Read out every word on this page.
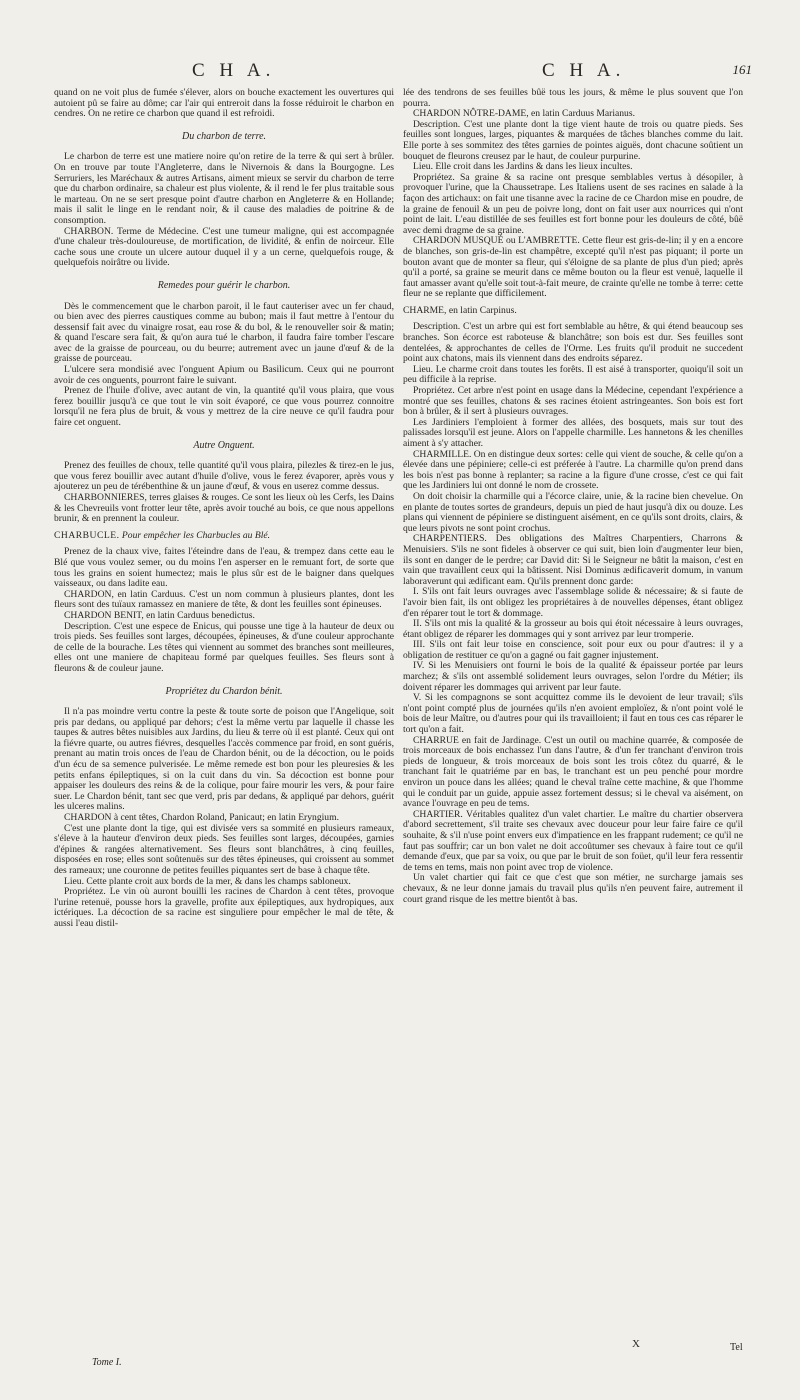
C H A.	C H A.	161

quand on ne voit plus de fumée s'élever, alors on bouche exactement les ouvertures qui autoient pû se faire au dôme; car l'air qui entreroit dans la fosse réduiroit le charbon en cendres. On ne retire ce charbon que quand il est refroidi.

Du charbon de terre.

Le charbon de terre est une matiere noire qu'on retire de la terre & qui sert à brûler. On en trouve par toute l'Angleterre, dans le Nivernois & dans la Bourgogne. Les Serruriers, les Maréchaux & autres Artisans, aiment mieux se servir du charbon de terre que du charbon ordinaire, sa chaleur est plus violente, & il rend le fer plus traitable sous le marteau. On ne se sert presque point d'autre charbon en Angleterre & en Hollande; mais il salit le linge en le rendant noir, & il cause des maladies de poitrine & de consomption.

CHARBON. Terme de Médecine. C'est une tumeur maligne, qui est accompagnée d'une chaleur très-douloureuse, de mortification, de lividité, & enfin de noirceur. Elle cache sous une croute un ulcere autour duquel il y a un cerne, quelquefois rouge, & quelquefois noirâtre ou livide.

Remedes pour guérir le charbon.

Dès le commencement que le charbon paroit, il le faut cauteriser avec un fer chaud, ou bien avec des pierres caustiques comme au bubon; mais il faut mettre à l'entour du dessensif fait avec du vinaigre rosat, eau rose & du bol, & le renouveller soir & matin; & quand l'escare sera fait, & qu'on aura tué le charbon, il faudra faire tomber l'escare avec de la graisse de pourceau, ou du beurre; autrement avec un jaune d'œuf & de la graisse de pourceau.

L'ulcere sera mondisié avec l'onguent Apium ou Basilicum. Ceux qui ne pourront avoir de ces onguents, pourront faire le suivant.

Prenez de l'huile d'olive, avec autant de vin, la quantité qu'il vous plaira, que vous ferez bouillir jusqu'à ce que tout le vin soit évaporé, ce que vous pourrez connoitre lorsqu'il ne fera plus de bruit, & vous y mettrez de la cire neuve ce qu'il faudra pour faire cet onguent.

Autre Onguent.

Prenez des feuilles de choux, telle quantité qu'il vous plaira, pilezles & tirez-en le jus, que vous ferez bouillir avec autant d'huile d'olive, vous le ferez évaporer, après vous y ajouterez un peu de térébenthine & un jaune d'œuf, & vous en userez comme dessus.

CHARBONNIERES, terres glaises & rouges. Ce sont les lieux où les Cerfs, les Dains & les Chevreuils vont frotter leur tête, après avoir touché au bois, ce que nous appellons brunir, & en prennent la couleur.

CHARBUCLE. Pour empêcher les Charbucles au Blé.

Prenez de la chaux vive, faites l'éteindre dans de l'eau, & trempez dans cette eau le Blé que vous voulez semer, ou du moins l'en asperser en le remuant fort, de sorte que tous les grains en soient humectez; mais le plus sûr est de le baigner dans quelques vaisseaux, ou dans ladite eau.

CHARDON, en latin Carduus. C'est un nom commun à plusieurs plantes, dont les fleurs sont des tuïaux ramassez en maniere de tête, & dont les feuilles sont épineuses.

CHARDON BENIT, en latin Carduus benedictus.

Description. C'est une espece de Enicus, qui pousse une tige à la hauteur de deux ou trois pieds. Ses feuilles sont larges, découpées, épineuses, & d'une couleur approchante de celle de la bourache. Les têtes qui viennent au sommet des branches sont meilleures, elles ont une maniere de chapiteau formé par quelques feuilles. Ses fleurs sont à fleurons & de couleur jaune.

Propriétez du Chardon bénit.

Il n'a pas moindre vertu contre la peste & toute sorte de poison que l'Angelique, soit pris par dedans, ou appliqué par dehors; c'est la même vertu par laquelle il chasse les taupes & autres bêtes nuisibles aux Jardins, du lieu & terre où il est planté. Ceux qui ont la fiévre quarte, ou autres fiévres, desquelles l'accès commence par froid, en sont guéris, prenant au matin trois onces de l'eau de Chardon bénit, ou de la décoction, ou le poids d'un écu de sa semence pulverisée. Le même remede est bon pour les pleuresies & les petits enfans épileptiques, si on la cuit dans du vin. Sa décoction est bonne pour appaiser les douleurs des reins & de la colique, pour faire mourir les vers, & pour faire suer. Le Chardon bénit, tant sec que verd, pris par dedans, & appliqué par dehors, guérit les ulceres malins.

CHARDON à cent têtes, Chardon Roland, Panicaut; en latin Eryngium.

C'est une plante dont la tige, qui est divisée vers sa sommité en plusieurs rameaux, s'éleve à la hauteur d'environ deux pieds. Ses feuilles sont larges, découpées, garnies d'épines & rangées alternativement. Ses fleurs sont blanchâtres, à cinq feuilles, disposées en rose; elles sont soûtenuës sur des têtes épineuses, qui croissent au sommet des rameaux; une couronne de petites feuilles piquantes sert de base à chaque tête.

Lieu. Cette plante croit aux bords de la mer, & dans les champs sabloneux.

Propriétez. Le vin où auront bouilli les racines de Chardon à cent têtes, provoque l'urine retenuë, pousse hors la gravelle, profite aux épileptiques, aux hydropiques, aux ictériques. La décoction de sa racine est singuliere pour empêcher le mal de tête, & aussi l'eau distil-

lée des tendrons de ses feuilles bûë tous les jours, & même le plus souvent que l'on pourra.

CHARDON NÔTRE-DAME, en latin Carduus Marianus.

Description. C'est une plante dont la tige vient haute de trois ou quatre pieds. Ses feuilles sont longues, larges, piquantes & marquées de tâches blanches comme du lait. Elle porte à ses sommitez des têtes garnies de pointes aiguës, dont chacune soûtient un bouquet de fleurons creusez par le haut, de couleur purpurine.

Lieu. Elle croit dans les Jardins & dans les lieux incultes.

Propriétez. Sa graine & sa racine ont presque semblables vertus à désopiler, à provoquer l'urine, que la Chaussetrape. Les Italiens usent de ses racines en salade à la façon des artichaux: on fait une tisanne avec la racine de ce Chardon mise en poudre, de la graine de fenouil & un peu de poivre long, dont on fait user aux nourrices qui n'ont point de lait. L'eau distillée de ses feuilles est fort bonne pour les douleurs de côté, bûë avec demi dragme de sa graine.

CHARDON MUSQUÉ ou L'AMBRETTE. Cette fleur est gris-de-lin; il y en a encore de blanches, son gris-de-lin est champêtre, excepté qu'il n'est pas piquant; il porte un bouton avant que de monter sa fleur, qui s'éloigne de sa plante de plus d'un pied; après qu'il a porté, sa graine se meurit dans ce même bouton ou la fleur est venuë, laquelle il faut amasser avant qu'elle soit tout-à-fait meure, de crainte qu'elle ne tombe à terre: cette fleur ne se replante que difficilement.

CHARME, en latin Carpinus.

Description. C'est un arbre qui est fort semblable au hêtre, & qui étend beaucoup ses branches. Son écorce est raboteuse & blanchâtre; son bois est dur. Ses feuilles sont dentelées, & approchantes de celles de l'Orme. Les fruits qu'il produit ne succedent point aux chatons, mais ils viennent dans des endroits séparez.

Lieu. Le charme croit dans toutes les forêts. Il est aisé à transporter, quoiqu'il soit un peu difficile à la reprise.

Propriétez. Cet arbre n'est point en usage dans la Médecine, cependant l'expérience a montré que ses feuilles, chatons & ses racines étoient astringeantes. Son bois est fort bon à brûler, & il sert à plusieurs ouvrages.

Les Jardiniers l'emploient à former des allées, des bosquets, mais sur tout des palissades lorsqu'il est jeune. Alors on l'appelle charmille. Les hannetons & les chenilles aiment à s'y attacher.

CHARMILLE. On en distingue deux sortes: celle qui vient de souche, & celle qu'on a élevée dans une pépiniere; celle-ci est préferée à l'autre. La charmille qu'on prend dans les bois n'est pas bonne à replanter; sa racine a la figure d'une crosse, c'est ce qui fait que les Jardiniers lui ont donné le nom de crossete.

On doit choisir la charmille qui a l'écorce claire, unie, & la racine bien chevelue. On en plante de toutes sortes de grandeurs, depuis un pied de haut jusqu'à dix ou douze. Les plans qui viennent de pépiniere se distinguent aisément, en ce qu'ils sont droits, clairs, & que leurs pivots ne sont point crochus.

CHARPENTIERS. Des obligations des Maîtres Charpentiers, Charrons & Menuisiers. S'ils ne sont fideles à observer ce qui suit, bien loin d'augmenter leur bien, ils sont en danger de le perdre; car David dit: Si le Seigneur ne bâtit la maison, c'est en vain que travaillent ceux qui la bâtissent. Nisi Dominus ædificaverit domum, in vanum laboraverunt qui ædificant eam. Qu'ils prennent donc garde:

I. S'ils ont fait leurs ouvrages avec l'assemblage solide & nécessaire; & si faute de l'avoir bien fait, ils ont obligez les propriétaires à de nouvelles dépenses, étant obligez d'en réparer tout le tort & dommage.

II. S'ils ont mis la qualité & la grosseur au bois qui étoit nécessaire à leurs ouvrages, étant obligez de réparer les dommages qui y sont arrivez par leur tromperie.

III. S'ils ont fait leur toise en conscience, soit pour eux ou pour d'autres: il y a obligation de restituer ce qu'on a gagné ou fait gagner injustement.

IV. Si les Menuisiers ont fourni le bois de la qualité & épaisseur portée par leurs marchez; & s'ils ont assemblé solidement leurs ouvrages, selon l'ordre du Métier; ils doivent réparer les dommages qui arrivent par leur faute.

V. Si les compagnons se sont acquittez comme ils le devoient de leur travail; s'ils n'ont point compté plus de journées qu'ils n'en avoient emploïez, & n'ont point volé le bois de leur Maître, ou d'autres pour qui ils travailloient; il faut en tous ces cas réparer le tort qu'on a fait.

CHARRUE en fait de Jardinage. C'est un outil ou machine quarrée, & composée de trois morceaux de bois enchassez l'un dans l'autre, & d'un fer tranchant d'environ trois pieds de longueur, & trois morceaux de bois sont les trois côtez du quarré, & le tranchant fait le quatriéme par en bas, le tranchant est un peu penché pour mordre environ un pouce dans les allées; quand le cheval traîne cette machine, & que l'homme qui le conduit par un guide, appuie assez fortement dessus; si le cheval va aisément, on avance l'ouvrage en peu de tems.

CHARTIER. Véritables qualitez d'un valet chartier. Le maître du chartier observera d'abord secrettement, s'il traite ses chevaux avec douceur pour leur faire faire ce qu'il souhaite, & s'il n'use point envers eux d'impatience en les frappant rudement; ce qu'il ne faut pas souffrir; car un bon valet ne doit accoûtumer ses chevaux à faire tout ce qu'il demande d'eux, que par sa voix, ou que par le bruit de son foüet, qu'il leur fera ressentir de tems en tems, mais non point avec trop de violence.

Un valet chartier qui fait ce que c'est que son métier, ne surcharge jamais ses chevaux, & ne leur donne jamais du travail plus qu'ils n'en peuvent faire, autrement il court grand risque de les mettre bientôt à bas.

Tome I.
X	Tel
